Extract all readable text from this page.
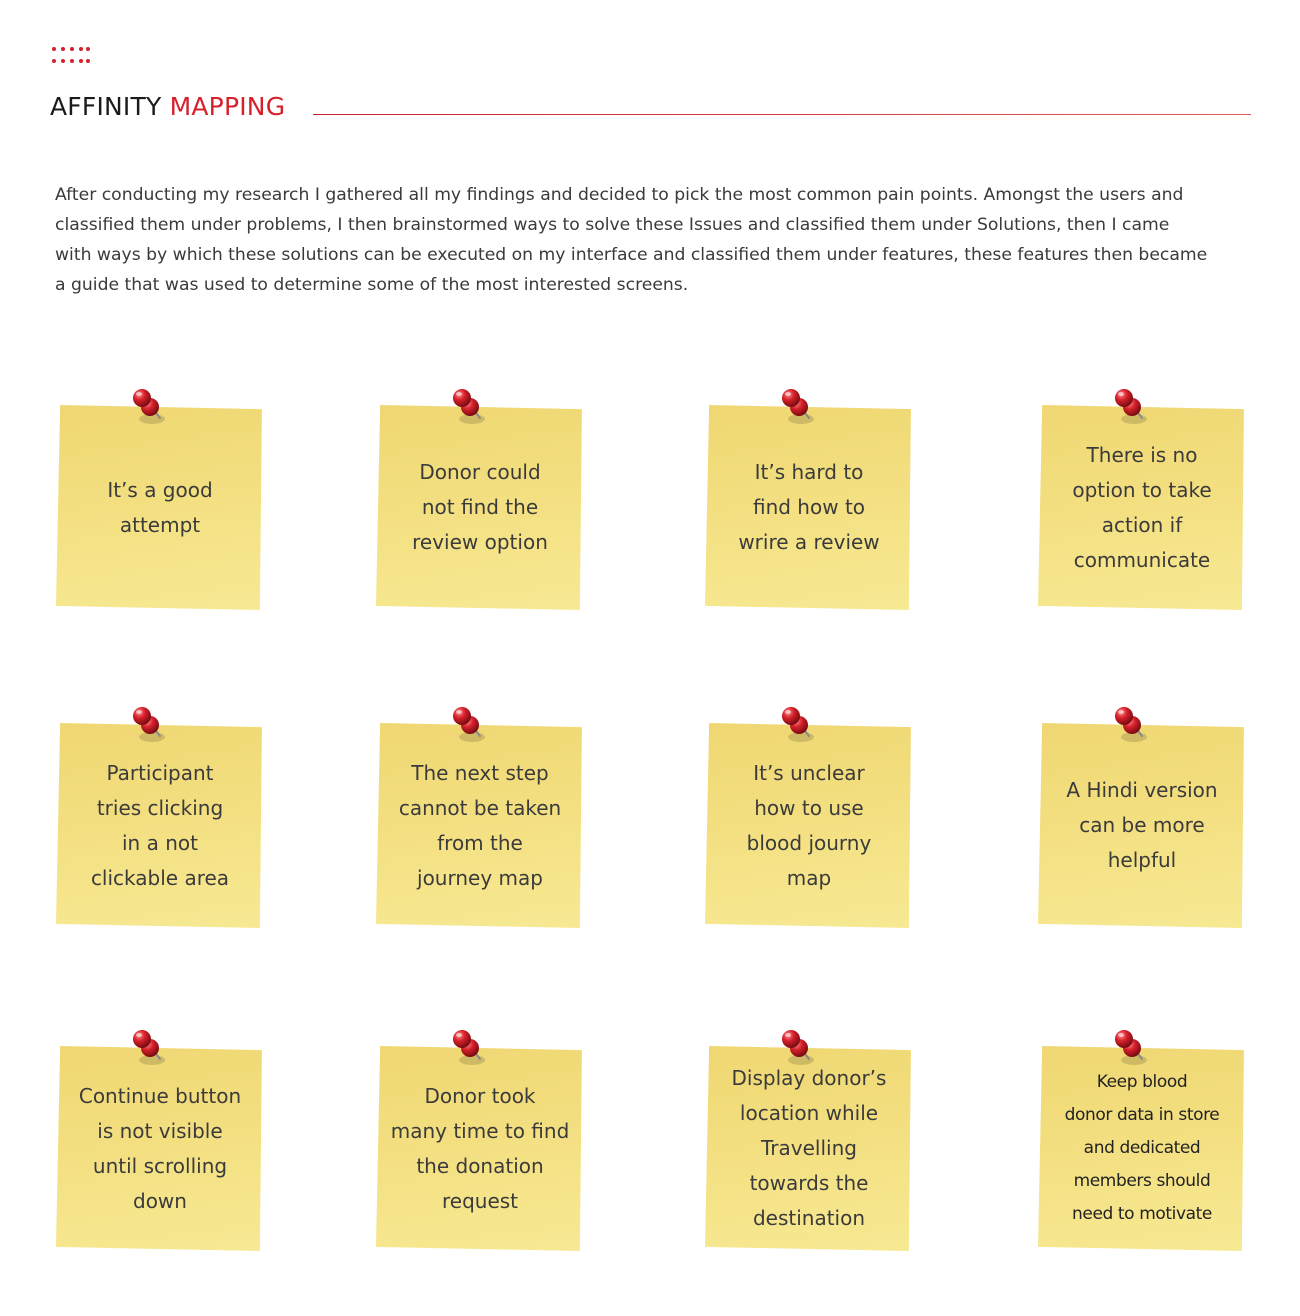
AFFINITY MAPPING

After conducting my research I gathered all my findings and decided to pick the most common pain points. Amongst the users and
classified them under problems, I then brainstormed ways to solve these Issues and classified them under Solutions, then I came
with ways by which these solutions can be executed on my interface and classified them under features, these features then became
a guide that was used to determine some of the most interested screens.

It’s a good
attempt
Donor could
not find the
review option
It’s hard to
find how to
wrire a review
There is no
option to take
action if
communicate
Participant
tries clicking
in a not
clickable area
The next step
cannot be taken
from the
journey map
It’s unclear
how to use
blood journy
map
A Hindi version
can be more
helpful
Continue button
is not visible
until scrolling
down
Donor took
many time to find
the donation
request
Display donor’s
location while
Travelling
towards the
destination
Keep blood
donor data in store
and dedicated
members should
need to motivate
